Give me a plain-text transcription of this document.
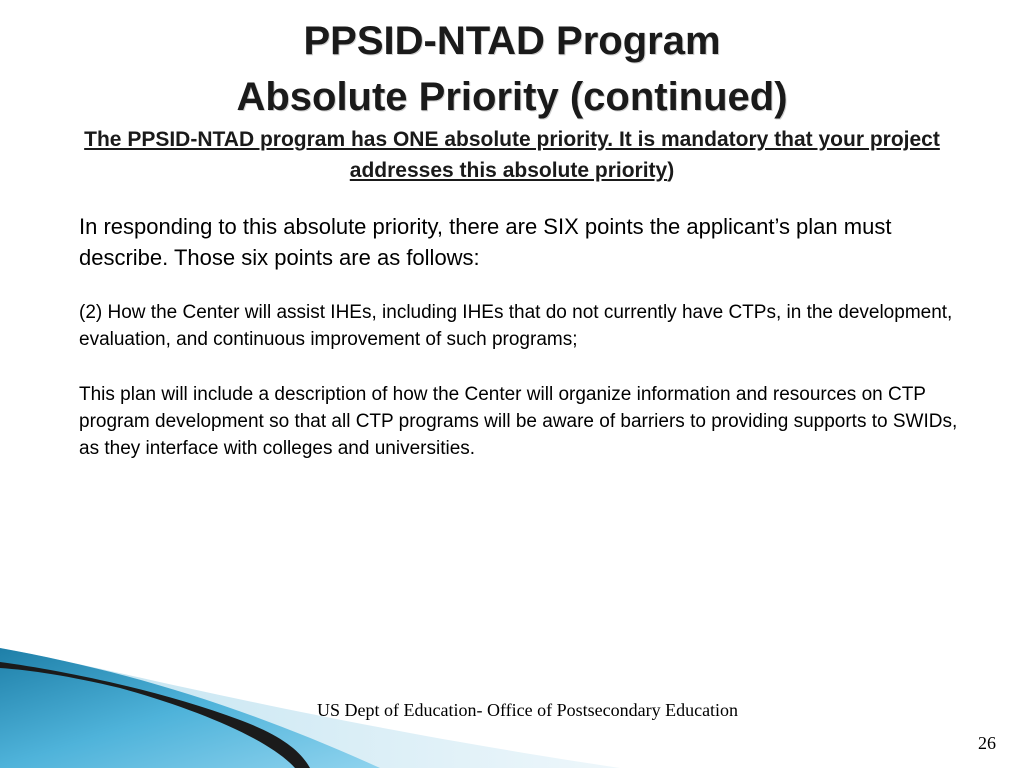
PPSID-NTAD Program
Absolute Priority (continued)

The PPSID-NTAD program has ONE absolute priority. It is mandatory that your project addresses this absolute priority)

In responding to this absolute priority, there are SIX points the applicant’s plan must describe. Those six points are as follows:

(2) How the Center will assist IHEs, including IHEs that do not currently have CTPs, in the development, evaluation, and continuous improvement of such programs;

This plan will include a description of how the Center will organize information and resources on CTP program development so that all CTP programs will be aware of barriers to providing supports to SWIDs, as they interface with colleges and universities.

US Dept of Education- Office of Postsecondary Education

26
